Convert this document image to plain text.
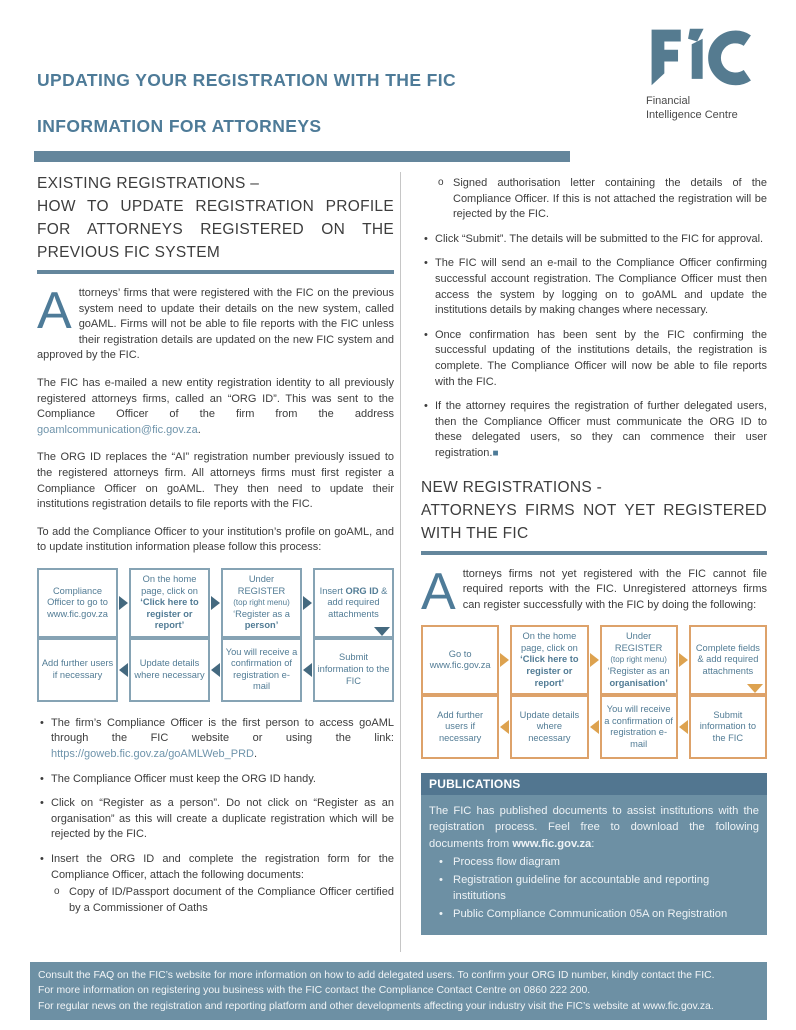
UPDATING YOUR REGISTRATION WITH THE FIC
INFORMATION FOR ATTORNEYS
Financial
Intelligence Centre
EXISTING REGISTRATIONS –
HOW TO UPDATE REGISTRATION PROFILE
FOR ATTORNEYS REGISTERED ON THE
PREVIOUS FIC SYSTEM
Attorneys’ firms that were registered with the FIC on the previous system need to update their details on the new system, called goAML. Firms will not be able to file reports with the FIC unless their registration details are updated on the new FIC system and approved by the FIC.
The FIC has e-mailed a new entity registration identity to all previously registered attorneys firms, called an “ORG ID”. This was sent to the Compliance Officer of the firm from the address goamlcommunication@fic.gov.za.
The ORG ID replaces the “AI” registration number previously issued to the registered attorneys firm. All attorneys firms must first register a Compliance Officer on goAML. They then need to update their institutions registration details to file reports with the FIC.
To add the Compliance Officer to your institution’s profile on goAML, and to update institution information please follow this process:
Compliance Officer to go to www.fic.gov.za
On the home page, click on ‘Click here to register or report’
Under REGISTER
(top right menu)
‘Register as a person’
Insert ORG ID & add required attachments
Add further users if necessary
Update details where necessary
You will receive a confirmation of registration e-mail
Submit information to the FIC
• The firm’s Compliance Officer is the first person to access goAML through the FIC website or using the link: https://goweb.fic.gov.za/goAMLWeb_PRD.
• The Compliance Officer must keep the ORG ID handy.
• Click on “Register as a person”. Do not click on “Register as an organisation” as this will create a duplicate registration which will be rejected by the FIC.
• Insert the ORG ID and complete the registration form for the Compliance Officer, attach the following documents:
o Copy of ID/Passport document of the Compliance Officer certified by a Commissioner of Oaths
o Signed authorisation letter containing the details of the Compliance Officer. If this is not attached the registration will be rejected by the FIC.
• Click “Submit”. The details will be submitted to the FIC for approval.
• The FIC will send an e-mail to the Compliance Officer confirming successful account registration. The Compliance Officer must then access the system by logging on to goAML and update the institutions details by making changes where necessary.
• Once confirmation has been sent by the FIC confirming the successful updating of the institutions details, the registration is complete. The Compliance Officer will now be able to file reports with the FIC.
• If the attorney requires the registration of further delegated users, then the Compliance Officer must communicate the ORG ID to these delegated users, so they can commence their user registration.■
NEW REGISTRATIONS -
ATTORNEYS FIRMS NOT YET REGISTERED
WITH THE FIC
Attorneys firms not yet registered with the FIC cannot file required reports with the FIC. Unregistered attorneys firms can register successfully with the FIC by doing the following:
Go to www.fic.gov.za
On the home page, click on ‘Click here to register or report’
Under REGISTER
(top right menu)
‘Register as an organisation’
Complete fields & add required attachments
Add further users if necessary
Update details where necessary
You will receive a confirmation of registration e-mail
Submit information to the FIC
PUBLICATIONS
The FIC has published documents to assist institutions with the registration process. Feel free to download the following documents from www.fic.gov.za:
• Process flow diagram
• Registration guideline for accountable and reporting institutions
• Public Compliance Communication 05A on Registration
Consult the FAQ on the FIC’s website for more information on how to add delegated users. To confirm your ORG ID number, kindly contact the FIC.
For more information on registering you business with the FIC contact the Compliance Contact Centre on 0860 222 200.
For regular news on the registration and reporting platform and other developments affecting your industry visit the FIC’s website at www.fic.gov.za.
